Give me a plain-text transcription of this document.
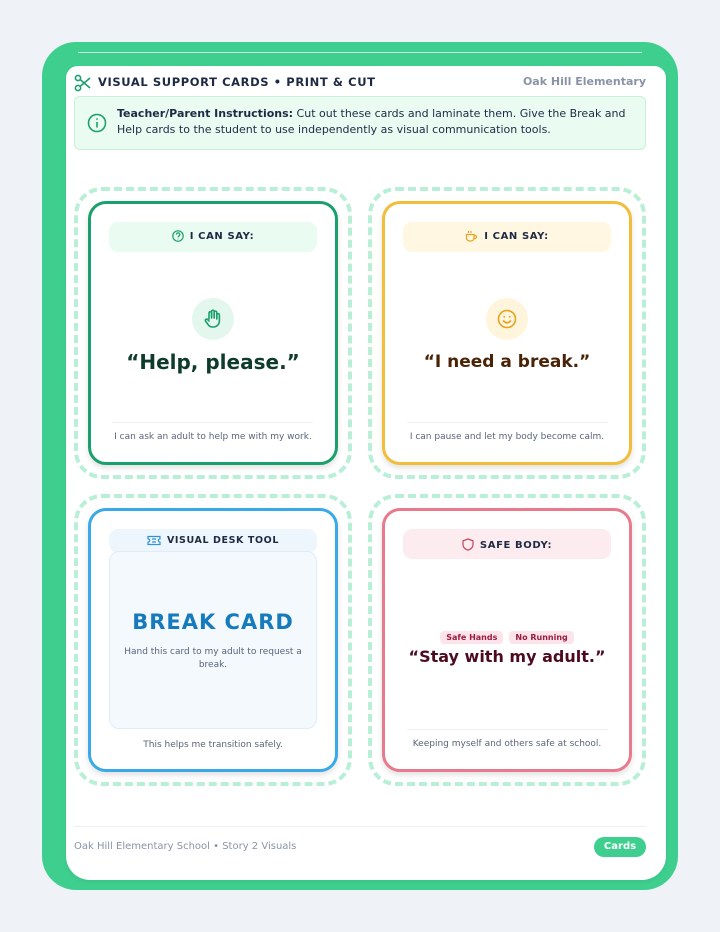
VISUAL SUPPORT CARDS • PRINT & CUT	Oak Hill Elementary
Teacher/Parent Instructions: Cut out these cards and laminate them. Give the Break and Help cards to the student to use independently as visual communication tools.
I CAN SAY:
“Help, please.”
I can ask an adult to help me with my work.
I CAN SAY:
“I need a break.”
I can pause and let my body become calm.
VISUAL DESK TOOL
BREAK CARD
Hand this card to my adult to request a break.
This helps me transition safely.
SAFE BODY:
Safe Hands No Running
“Stay with my adult.”
Keeping myself and others safe at school.
Oak Hill Elementary School • Story 2 Visuals	Cards
